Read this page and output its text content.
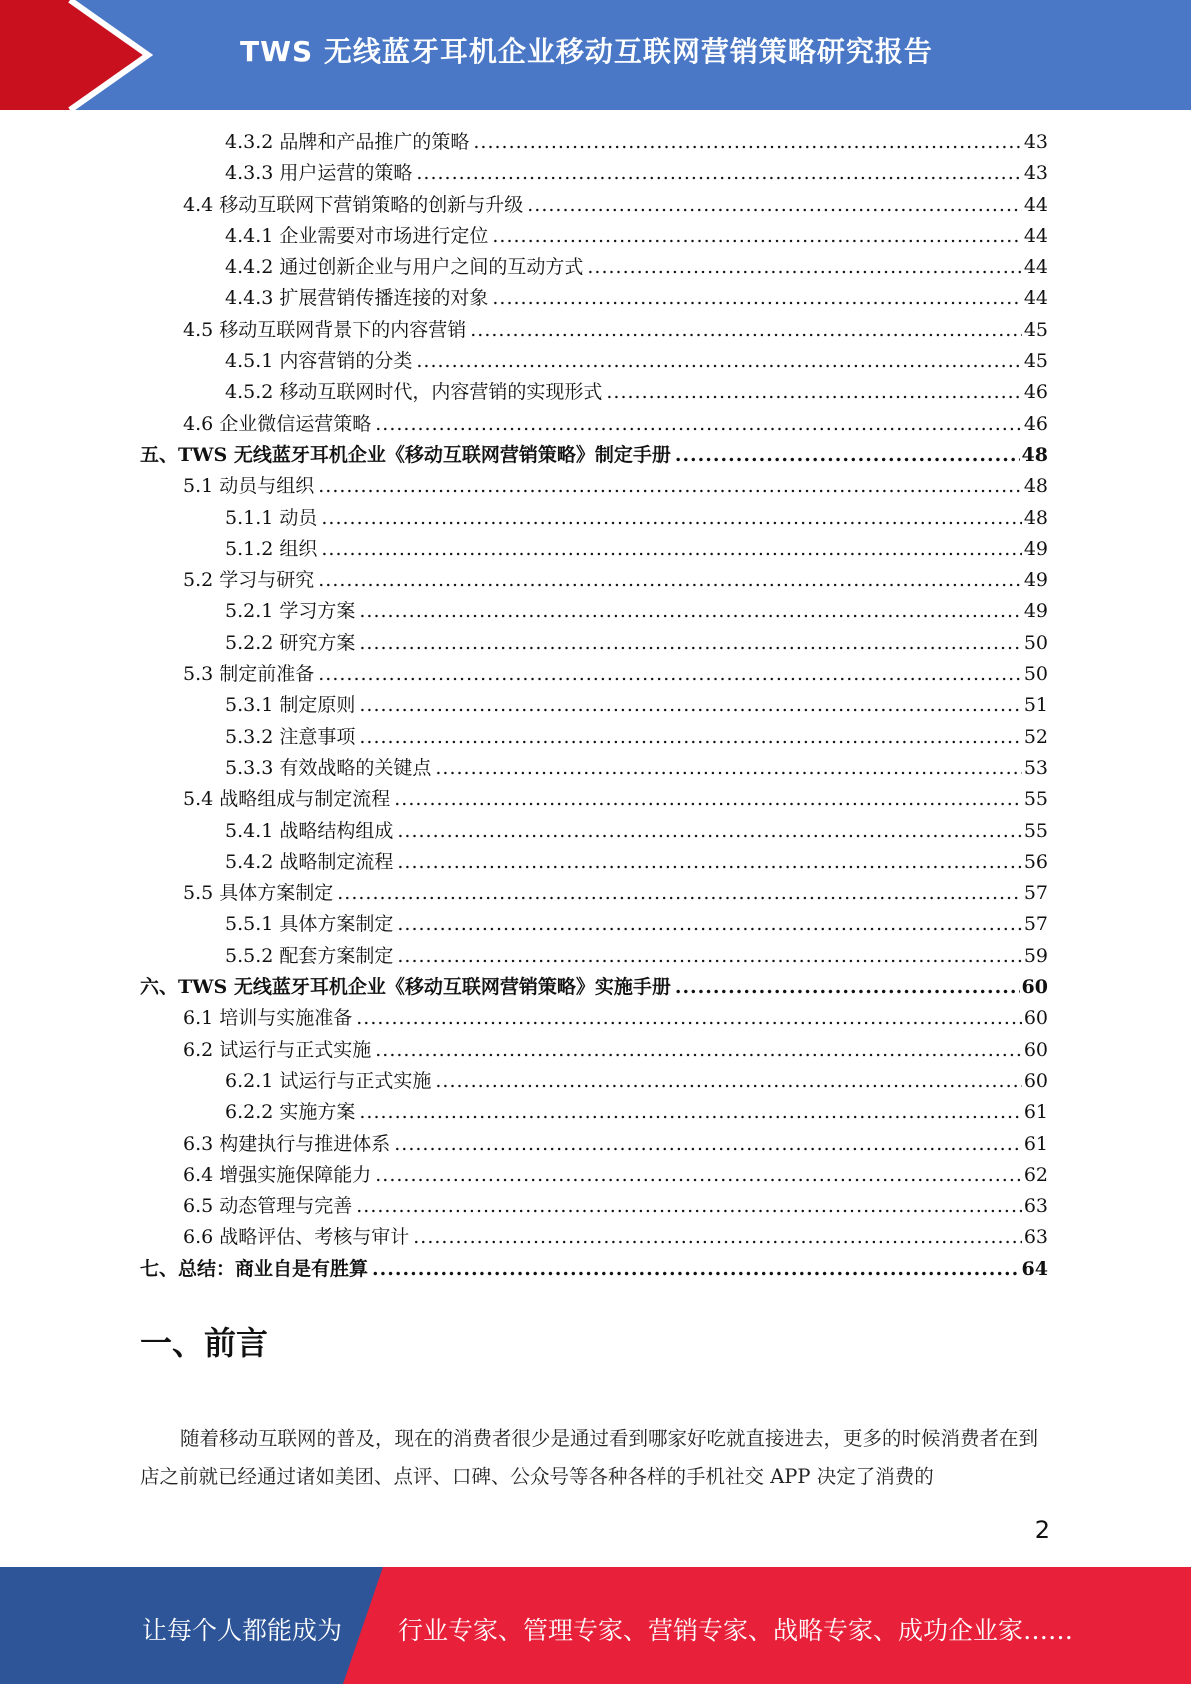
TWS 无线蓝牙耳机企业移动互联网营销策略研究报告
4.3.2 品牌和产品推广的策略 .....	43
4.3.3 用户运营的策略 .....	43
4.4 移动互联网下营销策略的创新与升级 .....	44
4.4.1 企业需要对市场进行定位 .....	44
4.4.2 通过创新企业与用户之间的互动方式 .....	44
4.4.3 扩展营销传播连接的对象 .....	44
4.5 移动互联网背景下的内容营销 .....	45
4.5.1 内容营销的分类 .....	45
4.5.2 移动互联网时代，内容营销的实现形式 .....	46
4.6 企业微信运营策略 .....	46
五、TWS 无线蓝牙耳机企业《移动互联网营销策略》制定手册 .....	48
5.1 动员与组织 .....	48
5.1.1 动员 .....	48
5.1.2 组织 .....	49
5.2 学习与研究 .....	49
5.2.1 学习方案 .....	49
5.2.2 研究方案 .....	50
5.3 制定前准备 .....	50
5.3.1 制定原则 .....	51
5.3.2 注意事项 .....	52
5.3.3 有效战略的关键点 .....	53
5.4 战略组成与制定流程 .....	55
5.4.1 战略结构组成 .....	55
5.4.2 战略制定流程 .....	56
5.5 具体方案制定 .....	57
5.5.1 具体方案制定 .....	57
5.5.2 配套方案制定 .....	59
六、TWS 无线蓝牙耳机企业《移动互联网营销策略》实施手册 .....	60
6.1 培训与实施准备 .....	60
6.2 试运行与正式实施 .....	60
6.2.1 试运行与正式实施 .....	60
6.2.2 实施方案 .....	61
6.3 构建执行与推进体系 .....	61
6.4 增强实施保障能力 .....	62
6.5 动态管理与完善 .....	63
6.6 战略评估、考核与审计 .....	63
七、总结：商业自是有胜算 .....	64
一、前言

随着移动互联网的普及，现在的消费者很少是通过看到哪家好吃就直接进去，更多的时候消费者在到店之前就已经通过诸如美团、点评、口碑、公众号等各种各样的手机社交 APP 决定了消费的

2
让每个人都能成为 行业专家、管理专家、营销专家、战略专家、成功企业家……
